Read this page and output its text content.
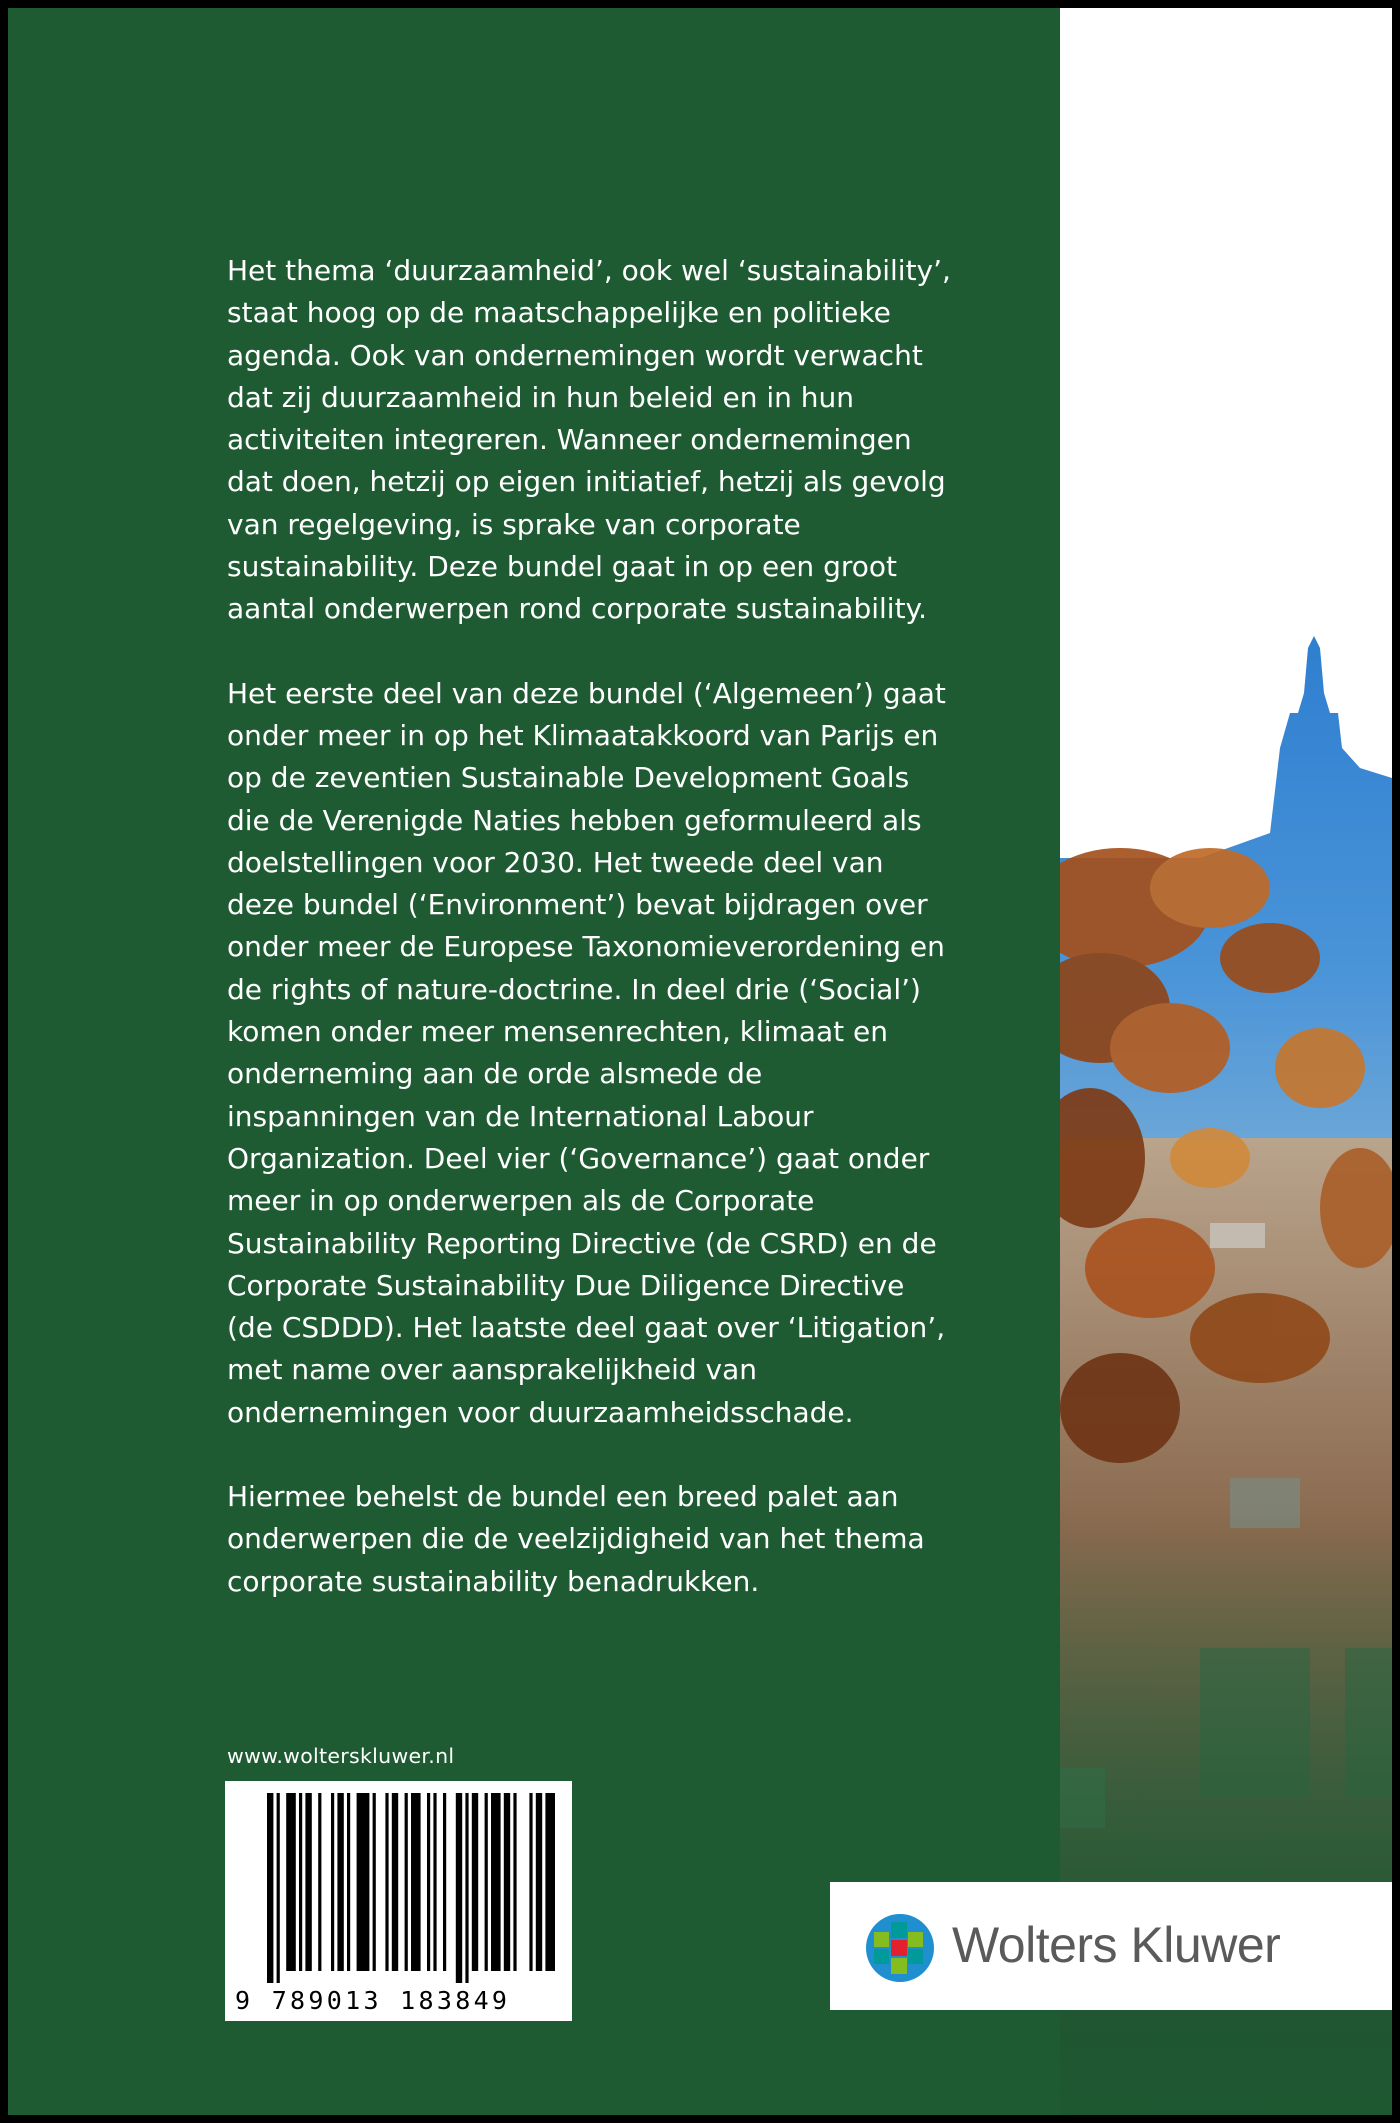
Het thema ‘duurzaamheid’, ook wel ‘sustainability’, staat hoog op de maatschappelijke en politieke agenda. Ook van ondernemingen wordt verwacht dat zij duurzaamheid in hun beleid en in hun activiteiten integreren. Wanneer ondernemingen dat doen, hetzij op eigen initiatief, hetzij als gevolg van regelgeving, is sprake van corporate sustainability. Deze bundel gaat in op een groot aantal onderwerpen rond corporate sustainability.

Het eerste deel van deze bundel (‘Algemeen’) gaat onder meer in op het Klimaatakkoord van Parijs en op de zeventien Sustainable Development Goals die de Verenigde Naties hebben geformuleerd als doelstellingen voor 2030. Het tweede deel van deze bundel (‘Environment’) bevat bijdragen over onder meer de Europese Taxonomieverordening en de rights of nature-doctrine. In deel drie (‘Social’) komen onder meer mensenrechten, klimaat en onderneming aan de orde alsmede de inspanningen van de International Labour Organization. Deel vier (‘Governance’) gaat onder meer in op onderwerpen als de Corporate Sustainability Reporting Directive (de CSRD) en de Corporate Sustainability Due Diligence Directive (de CSDDD). Het laatste deel gaat over ‘Litigation’, met name over aansprakelijkheid van ondernemingen voor duurzaamheidsschade.

Hiermee behelst de bundel een breed palet aan onderwerpen die de veelzijdigheid van het thema corporate sustainability benadrukken.

www.wolterskluwer.nl
9 789013 183849
Wolters Kluwer
